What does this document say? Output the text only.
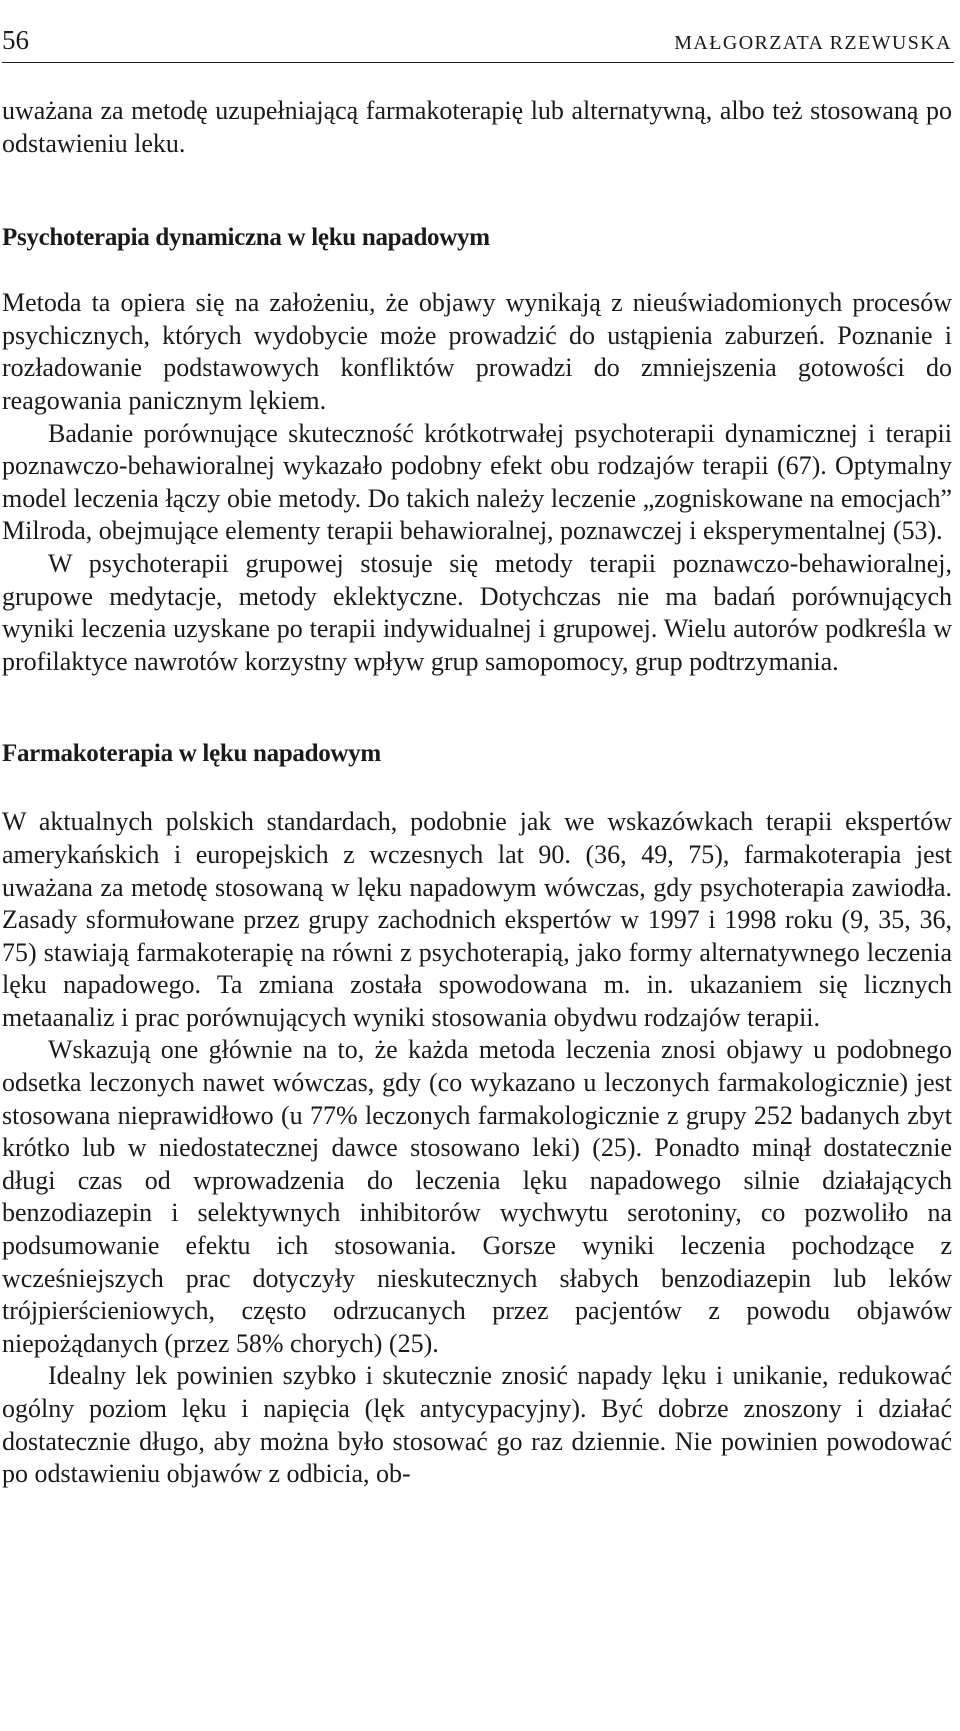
56	MAŁGORZATA RZEWUSKA

uważana za metodę uzupełniającą farmakoterapię lub alternatywną, albo też stosowaną po odstawieniu leku.

Psychoterapia dynamiczna w lęku napadowym

Metoda ta opiera się na założeniu, że objawy wynikają z nieuświadomionych procesów psychicznych, których wydobycie może prowadzić do ustąpienia zaburzeń. Poznanie i rozładowanie podstawowych konfliktów prowadzi do zmniejszenia gotowości do reagowania panicznym lękiem.

Badanie porównujące skuteczność krótkotrwałej psychoterapii dynamicznej i terapii poznawczo-behawioralnej wykazało podobny efekt obu rodzajów terapii (67). Optymalny model leczenia łączy obie metody. Do takich należy leczenie „zogniskowane na emocjach” Milroda, obejmujące elementy terapii behawioralnej, poznawczej i eksperymentalnej (53).

W psychoterapii grupowej stosuje się metody terapii poznawczo-behawioralnej, grupowe medytacje, metody eklektyczne. Dotychczas nie ma badań porównujących wyniki leczenia uzyskane po terapii indywidualnej i grupowej. Wielu autorów podkreśla w profilaktyce nawrotów korzystny wpływ grup samopomocy, grup podtrzymania.

Farmakoterapia w lęku napadowym

W aktualnych polskich standardach, podobnie jak we wskazówkach terapii ekspertów amerykańskich i europejskich z wczesnych lat 90. (36, 49, 75), farmakoterapia jest uważana za metodę stosowaną w lęku napadowym wówczas, gdy psychoterapia zawiodła. Zasady sformułowane przez grupy zachodnich ekspertów w 1997 i 1998 roku (9, 35, 36, 75) stawiają farmakoterapię na równi z psychoterapią, jako formy alternatywnego leczenia lęku napadowego. Ta zmiana została spowodowana m. in. ukazaniem się licznych metaanaliz i prac porównujących wyniki stosowania obydwu rodzajów terapii.

Wskazują one głównie na to, że każda metoda leczenia znosi objawy u podobnego odsetka leczonych nawet wówczas, gdy (co wykazano u leczonych farmakologicznie) jest stosowana nieprawidłowo (u 77% leczonych farmakologicznie z grupy 252 badanych zbyt krótko lub w niedostatecznej dawce stosowano leki) (25). Ponadto minął dostatecznie długi czas od wprowadzenia do leczenia lęku napadowego silnie działających benzodiazepin i selektywnych inhibitorów wychwytu serotoniny, co pozwoliło na podsumowanie efektu ich stosowania. Gorsze wyniki leczenia pochodzące z wcześniejszych prac dotyczyły nieskutecznych słabych benzodiazepin lub leków trójpierścieniowych, często odrzucanych przez pacjentów z powodu objawów niepożądanych (przez 58% chorych) (25).

Idealny lek powinien szybko i skutecznie znosić napady lęku i unikanie, redukować ogólny poziom lęku i napięcia (lęk antycypacyjny). Być dobrze znoszony i działać dostatecznie długo, aby można było stosować go raz dziennie. Nie powinien powodować po odstawieniu objawów z odbicia, ob-
